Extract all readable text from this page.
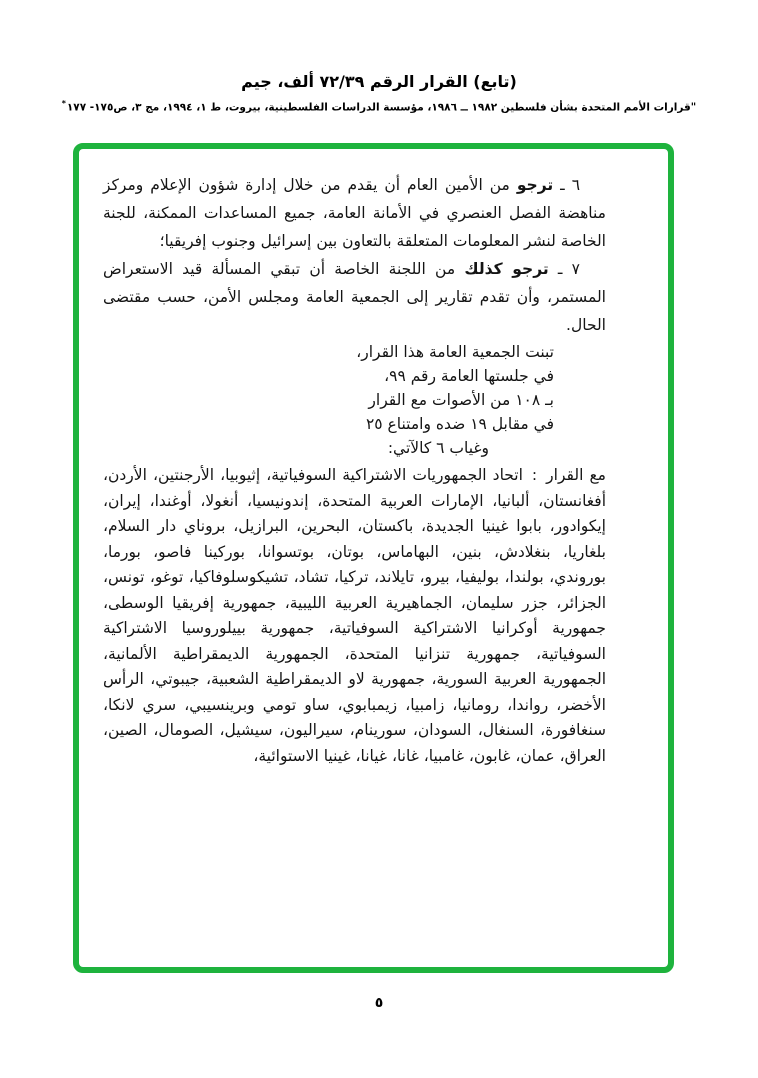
(تابع) القرار الرقم ٧٢/٣٩ ألف، جيم
"قرارات الأمم المتحدة بشأن فلسطين ١٩٨٢ ــ ١٩٨٦، مؤسسة الدراسات الفلسطينية، بيروت، ط ١، ١٩٩٤، مج ٣، ص١٧٥- ١٧٧*

٦ ـ ترجو من الأمين العام أن يقدم من خلال إدارة شؤون الإعلام ومركز مناهضة الفصل العنصري في الأمانة العامة، جميع المساعدات الممكنة، للجنة الخاصة لنشر المعلومات المتعلقة بالتعاون بين إسرائيل وجنوب إفريقيا؛

٧ ـ ترجو كذلك من اللجنة الخاصة أن تبقي المسألة قيد الاستعراض المستمر، وأن تقدم تقارير إلى الجمعية العامة ومجلس الأمن، حسب مقتضى الحال.

تبنت الجمعية العامة هذا القرار،
في جلستها العامة رقم ٩٩،
بـ ١٠٨ من الأصوات مع القرار
في مقابل ١٩ ضده وامتناع ٢٥
وغياب ٦ كالآتي:

مع القرار:اتحاد الجمهوريات الاشتراكية السوفياتية، إثيوبيا، الأرجنتين، الأردن، أفغانستان، ألبانيا، الإمارات العربية المتحدة، إندونيسيا، أنغولا، أوغندا، إيران، إيكوادور، بابوا غينيا الجديدة، باكستان، البحرين، البرازيل، بروناي دار السلام، بلغاريا، بنغلادش، بنين، البهاماس، بوتان، بوتسوانا، بوركينا فاصو، بورما، بوروندي، بولندا، بوليفيا، بيرو، تايلاند، تركيا، تشاد، تشيكوسلوفاكيا، توغو، تونس، الجزائر، جزر سليمان، الجماهيرية العربية الليبية، جمهورية إفريقيا الوسطى، جمهورية أوكرانيا الاشتراكية السوفياتية، جمهورية بييلوروسيا الاشتراكية السوفياتية، جمهورية تنزانيا المتحدة، الجمهورية الديمقراطية الألمانية، الجمهورية العربية السورية، جمهورية لاو الديمقراطية الشعبية، جيبوتي، الرأس الأخضر، رواندا، رومانيا، زامبيا، زيمبابوي، ساو تومي وبرينسيبي، سري لانكا، سنغافورة، السنغال، السودان، سورينام، سيراليون، سيشيل، الصومال، الصين، العراق، عمان، غابون، غامبيا، غانا، غيانا، غينيا الاستوائية،

٥
